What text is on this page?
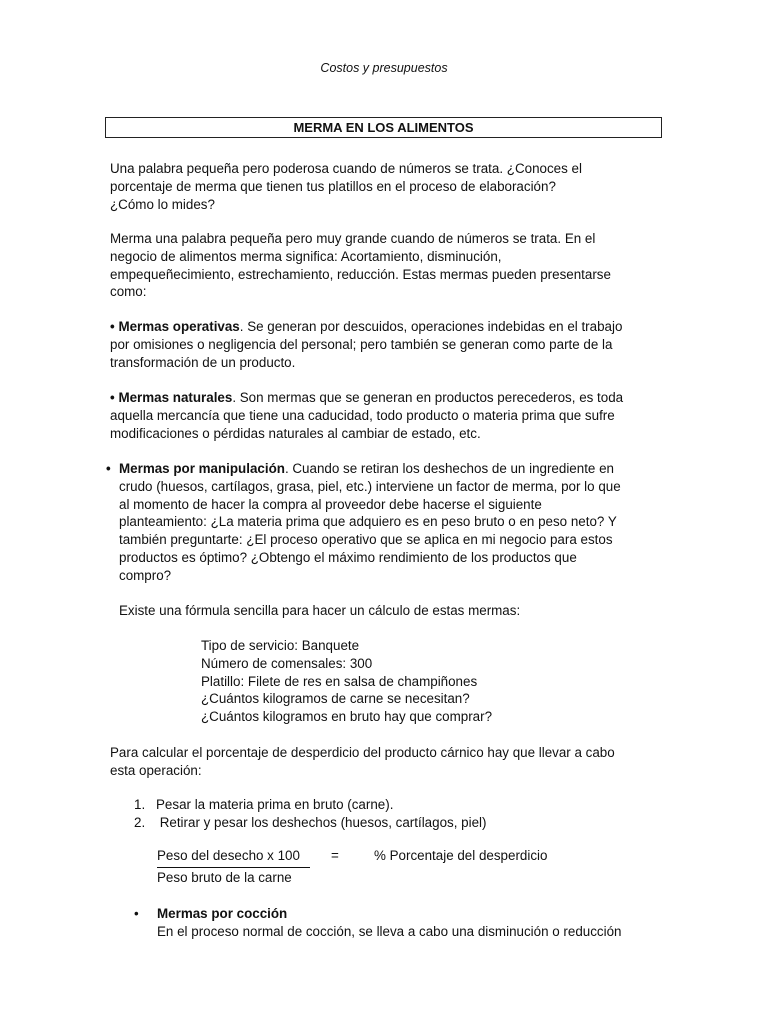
Costos y presupuestos
MERMA EN LOS ALIMENTOS
Una palabra pequeña pero poderosa cuando de números se trata. ¿Conoces el
porcentaje de merma que tienen tus platillos en el proceso de elaboración?
¿Cómo lo mides?
Merma una palabra pequeña pero muy grande cuando de números se trata. En el
negocio de alimentos merma significa: Acortamiento, disminución,
empequeñecimiento, estrechamiento, reducción. Estas mermas pueden presentarse
como:
• Mermas operativas. Se generan por descuidos, operaciones indebidas en el trabajo
por omisiones o negligencia del personal; pero también se generan como parte de la
transformación de un producto.
• Mermas naturales. Son mermas que se generan en productos perecederos, es toda
aquella mercancía que tiene una caducidad, todo producto o materia prima que sufre
modificaciones o pérdidas naturales al cambiar de estado, etc.
• Mermas por manipulación. Cuando se retiran los deshechos de un ingrediente en
crudo (huesos, cartílagos, grasa, piel, etc.) interviene un factor de merma, por lo que
al momento de hacer la compra al proveedor debe hacerse el siguiente
planteamiento: ¿La materia prima que adquiero es en peso bruto o en peso neto? Y
también preguntarte: ¿El proceso operativo que se aplica en mi negocio para estos
productos es óptimo? ¿Obtengo el máximo rendimiento de los productos que
compro?
Existe una fórmula sencilla para hacer un cálculo de estas mermas:
Tipo de servicio: Banquete
Número de comensales: 300
Platillo: Filete de res en salsa de champiñones
¿Cuántos kilogramos de carne se necesitan?
¿Cuántos kilogramos en bruto hay que comprar?
Para calcular el porcentaje de desperdicio del producto cárnico hay que llevar a cabo
esta operación:
1. Pesar la materia prima en bruto (carne).
2. Retirar y pesar los deshechos (huesos, cartílagos, piel)
Peso del desecho x 100
Peso bruto de la carne
=	% Porcentaje del desperdicio
• Mermas por cocción
En el proceso normal de cocción, se lleva a cabo una disminución o reducción
